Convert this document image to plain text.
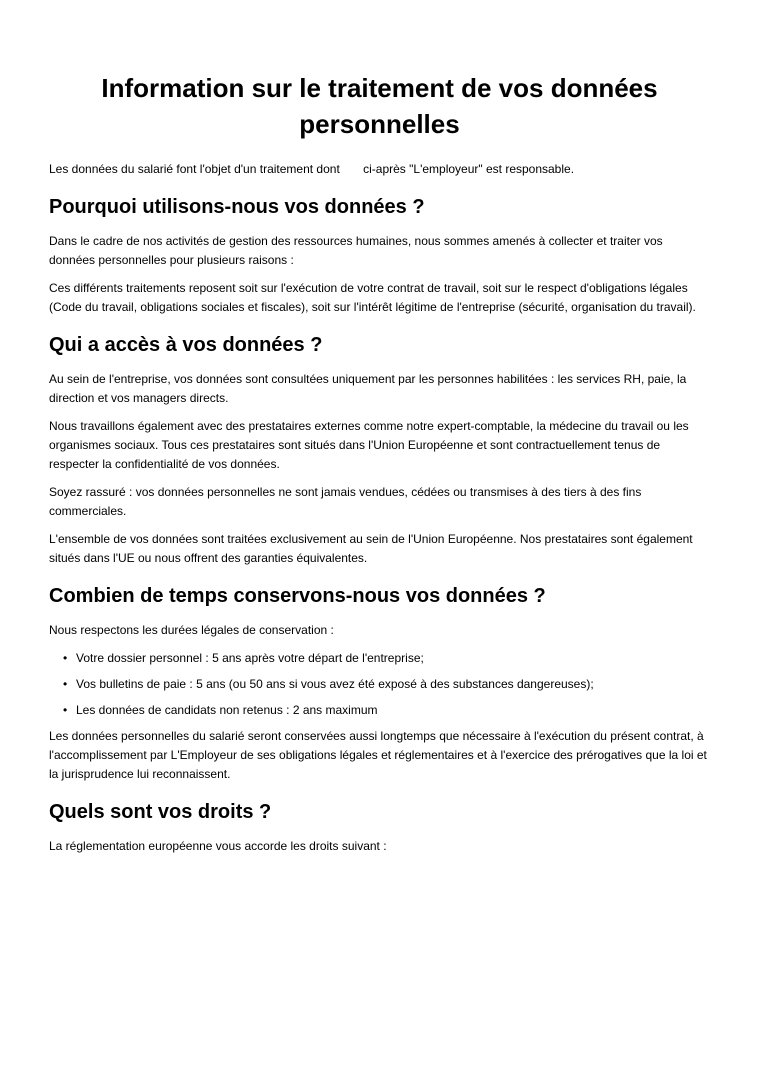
Information sur le traitement de vos données personnelles

Les données du salarié font l'objet d'un traitement dont       ci-après "L'employeur" est responsable.

Pourquoi utilisons-nous vos données ?

Dans le cadre de nos activités de gestion des ressources humaines, nous sommes amenés à collecter et traiter vos données personnelles pour plusieurs raisons :

Ces différents traitements reposent soit sur l'exécution de votre contrat de travail, soit sur le respect d'obligations légales (Code du travail, obligations sociales et fiscales), soit sur l'intérêt légitime de l'entreprise (sécurité, organisation du travail).

Qui a accès à vos données ?

Au sein de l'entreprise, vos données sont consultées uniquement par les personnes habilitées : les services RH, paie, la direction et vos managers directs.

Nous travaillons également avec des prestataires externes comme notre expert-comptable, la médecine du travail ou les organismes sociaux. Tous ces prestataires sont situés dans l'Union Européenne et sont contractuellement tenus de respecter la confidentialité de vos données.

Soyez rassuré : vos données personnelles ne sont jamais vendues, cédées ou transmises à des tiers à des fins commerciales.

L'ensemble de vos données sont traitées exclusivement au sein de l'Union Européenne. Nos prestataires sont également situés dans l'UE ou nous offrent des garanties équivalentes.

Combien de temps conservons-nous vos données ?

Nous respectons les durées légales de conservation :

• Votre dossier personnel : 5 ans après votre départ de l'entreprise;
• Vos bulletins de paie : 5 ans (ou 50 ans si vous avez été exposé à des substances dangereuses);
• Les données de candidats non retenus : 2 ans maximum

Les données personnelles du salarié seront conservées aussi longtemps que nécessaire à l'exécution du présent contrat, à l'accomplissement par L'Employeur de ses obligations légales et réglementaires et à l'exercice des prérogatives que la loi et la jurisprudence lui reconnaissent.

Quels sont vos droits ?

La réglementation européenne vous accorde les droits suivant :
